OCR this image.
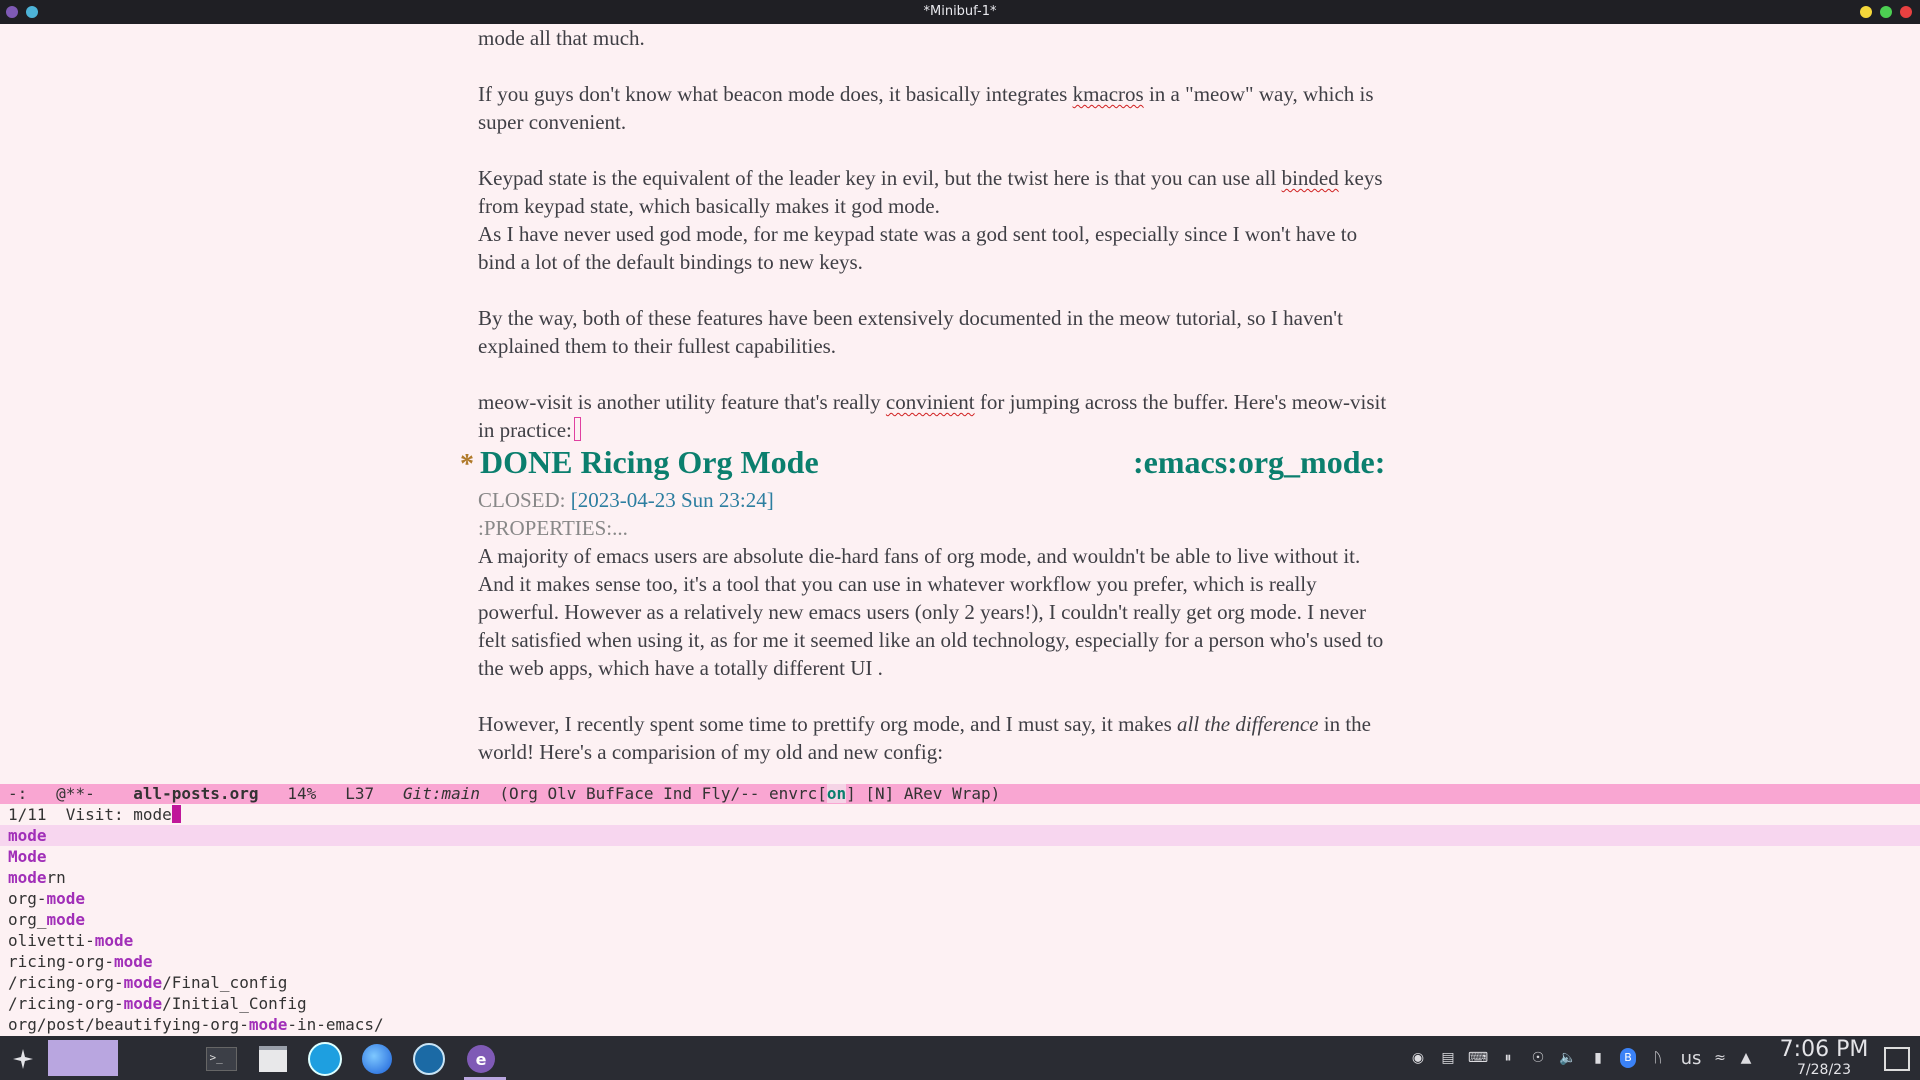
*Minibuf-1*

mode all that much.

If you guys don't know what beacon mode does, it basically integrates kmacros in a "meow" way, which is

super convenient.

Keypad state is the equivalent of the leader key in evil, but the twist here is that you can use all binded keys

from keypad state, which basically makes it god mode.

As I have never used god mode, for me keypad state was a god sent tool, especially since I won't have to

bind a lot of the default bindings to new keys.

By the way, both of these features have been extensively documented in the meow tutorial, so I haven't

explained them to their fullest capabilities.

meow-visit is another utility feature that's really convinient for jumping across the buffer. Here's meow-visit

in practice:

* DONE Ricing Org Mode	:emacs:org_mode:

CLOSED: [2023-04-23 Sun 23:24]

:PROPERTIES:...

A majority of emacs users are absolute die-hard fans of org mode, and wouldn't be able to live without it.

And it makes sense too, it's a tool that you can use in whatever workflow you prefer, which is really

powerful. However as a relatively new emacs users (only 2 years!), I couldn't really get org mode. I never

felt satisfied when using it, as for me it seemed like an old technology, especially for a person who's used to

the web apps, which have a totally different UI .

However, I recently spent some time to prettify org mode, and I must say, it makes all the difference in the

world! Here's a comparision of my old and new config:

-: @**- all-posts.org 14% L37 Git:main (Org Olv BufFace Ind Fly/-- envrc[on] [N] ARev Wrap)
1/11 Visit: mode
mode
Mode
modern
org-mode
org_mode
olivetti-mode
ricing-org-mode
/ricing-org-mode/Final_config
/ricing-org-mode/Initial_Config
org/post/beautifying-org-mode-in-emacs/
>_	e	◉ ▤ ⌨	⏸	☉ 🔈	▮	B	ᚢ	us ≈	▲	7:06 PM
7/28/23
